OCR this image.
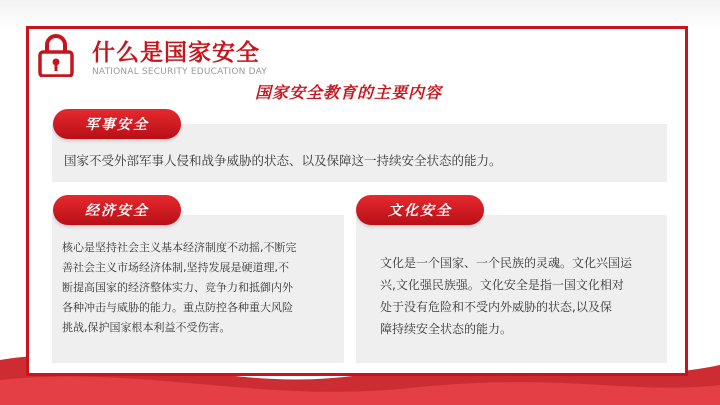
什么是国家安全
NATIONAL SECURITY EDUCATION DAY
国家安全教育的主要内容
军事安全
国家不受外部军事人侵和战争威胁的状态、以及保障这一持续安全状态的能力。
经济安全
核心是坚持社会主义基本经济制度不动摇,不断完
善社会主义市场经济体制,坚持发展是硬道理,不
断提高国家的经济整体实力、竞争力和抵御内外
各种冲击与威胁的能力。重点防控各种重大风险
挑战,保护国家根本利益不受伤害。
文化安全
文化是一个国家、一个民族的灵魂。文化兴国运
兴,文化强民族强。文化安全是指一国文化相对
处于没有危险和不受内外威胁的状态,以及保
障持续安全状态的能力。
